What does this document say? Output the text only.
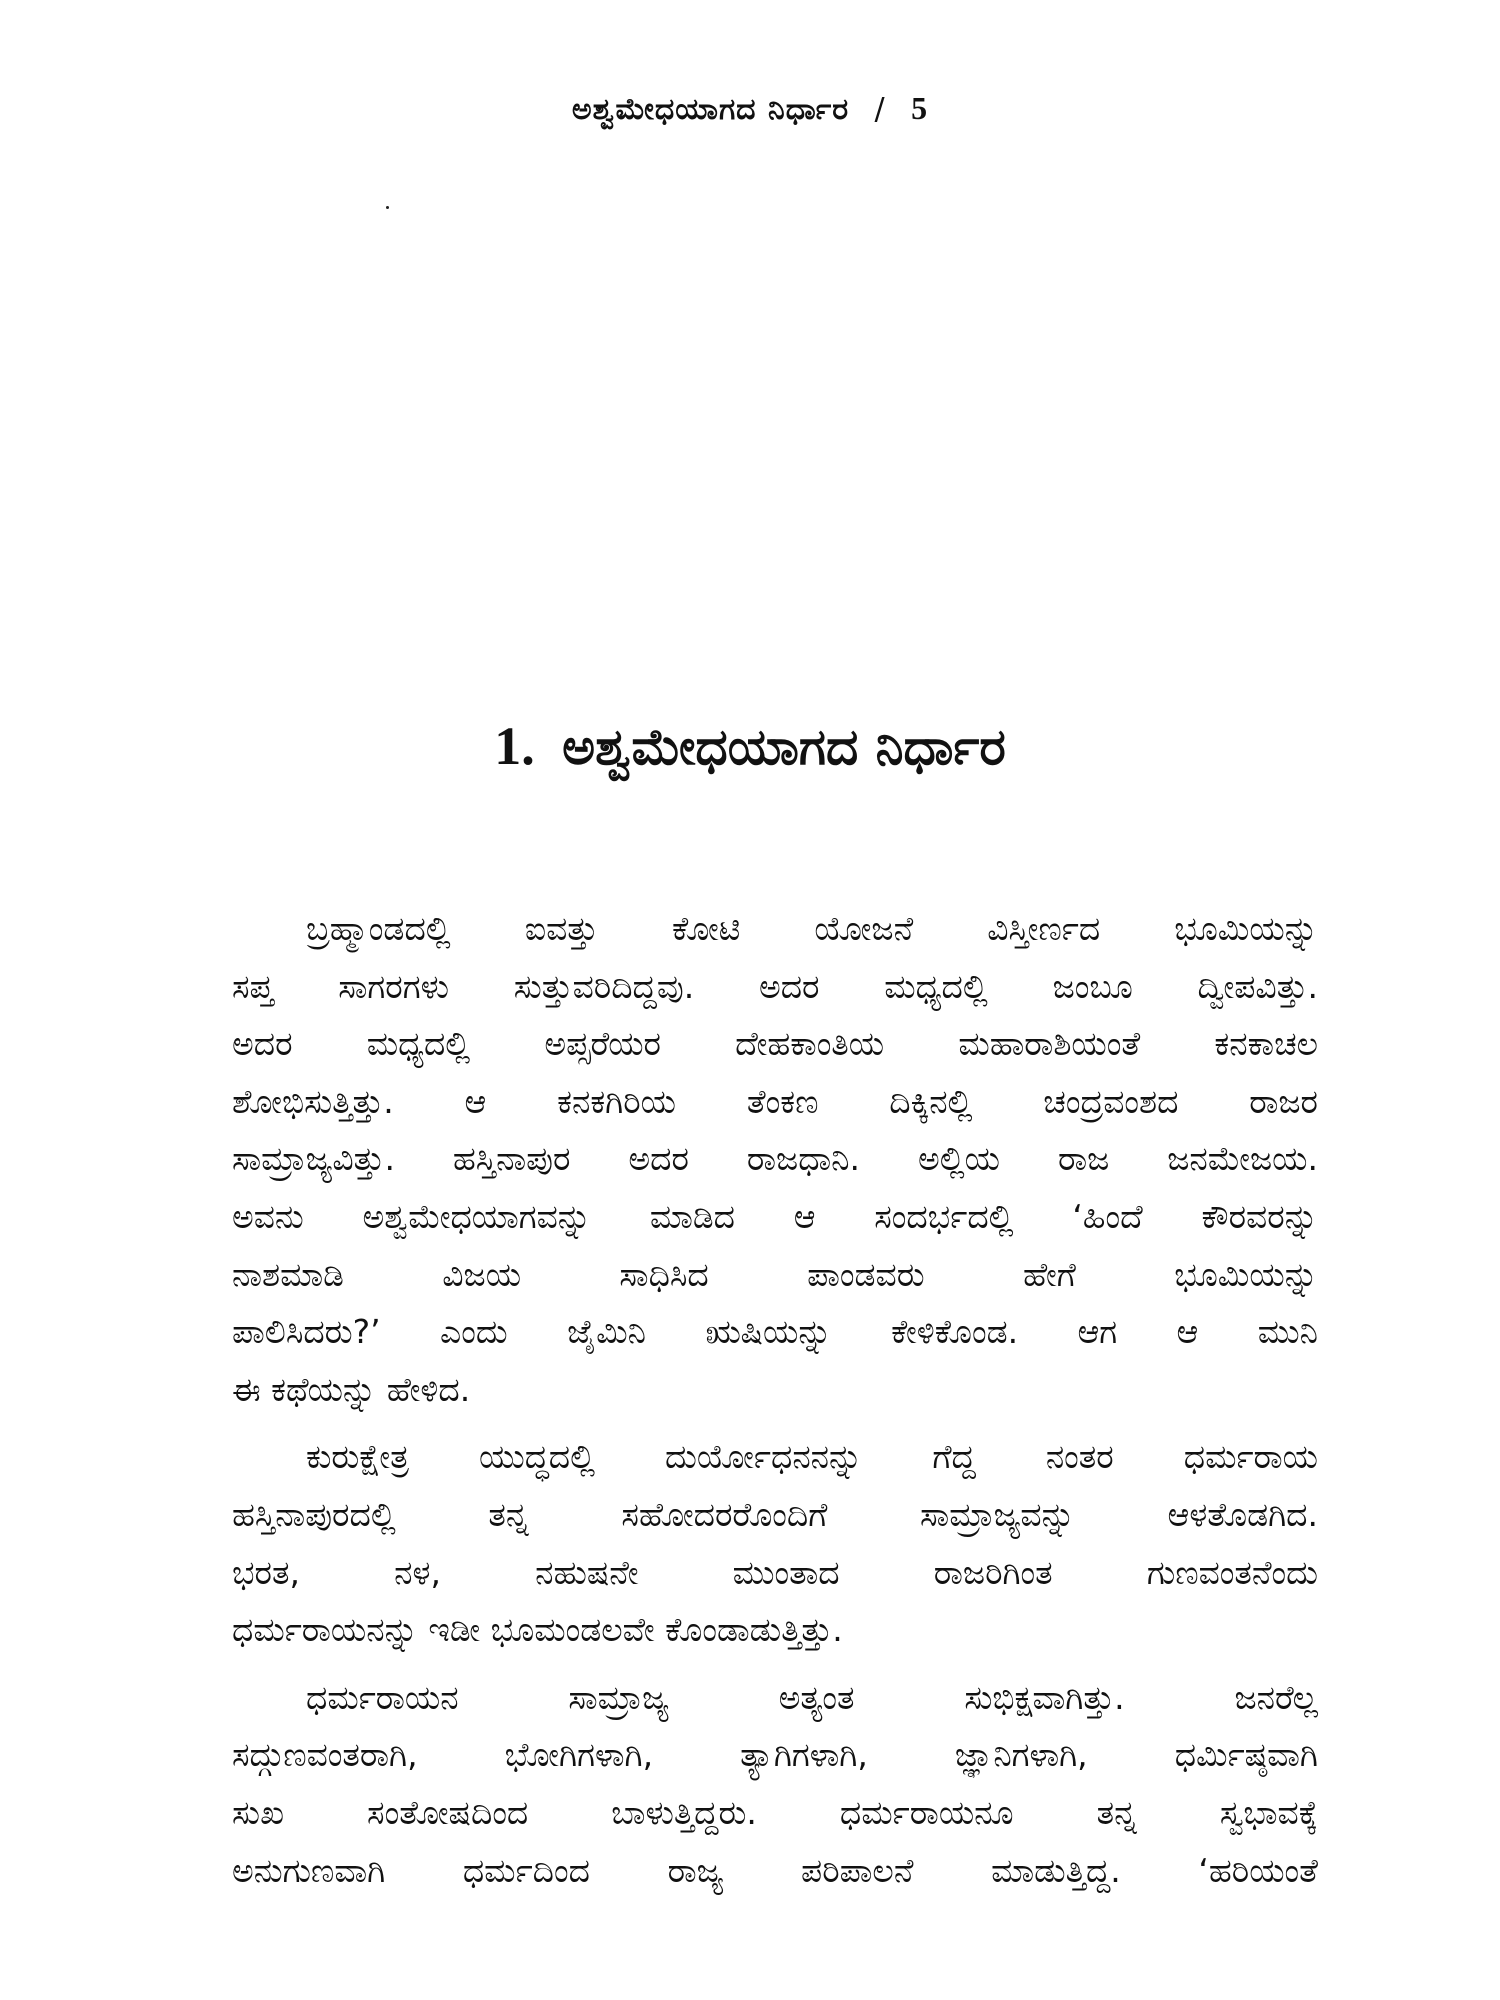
ಅಶ್ವಮೇಧಯಾಗದ ನಿರ್ಧಾರ / 5
1. ಅಶ್ವಮೇಧಯಾಗದ ನಿರ್ಧಾರ
ಬ್ರಹ್ಮಾಂಡದಲ್ಲಿ ಐವತ್ತು ಕೋಟಿ ಯೋಜನೆ ವಿಸ್ತೀರ್ಣದ ಭೂಮಿಯನ್ನು
ಸಪ್ತ ಸಾಗರಗಳು ಸುತ್ತುವರಿದಿದ್ದವು. ಅದರ ಮಧ್ಯದಲ್ಲಿ ಜಂಬೂ ದ್ವೀಪವಿತ್ತು.
ಅದರ ಮಧ್ಯದಲ್ಲಿ ಅಪ್ಸರೆಯರ ದೇಹಕಾಂತಿಯ ಮಹಾರಾಶಿಯಂತೆ ಕನಕಾಚಲ
ಶೋಭಿಸುತ್ತಿತ್ತು. ಆ ಕನಕಗಿರಿಯ ತೆಂಕಣ ದಿಕ್ಕಿನಲ್ಲಿ ಚಂದ್ರವಂಶದ ರಾಜರ
ಸಾಮ್ರಾಜ್ಯವಿತ್ತು. ಹಸ್ತಿನಾಪುರ ಅದರ ರಾಜಧಾನಿ. ಅಲ್ಲಿಯ ರಾಜ ಜನಮೇಜಯ.
ಅವನು ಅಶ್ವಮೇಧಯಾಗವನ್ನು ಮಾಡಿದ ಆ ಸಂದರ್ಭದಲ್ಲಿ ‘ಹಿಂದೆ ಕೌರವರನ್ನು
ನಾಶಮಾಡಿ ವಿಜಯ ಸಾಧಿಸಿದ ಪಾಂಡವರು ಹೇಗೆ ಭೂಮಿಯನ್ನು
ಪಾಲಿಸಿದರು?’ ಎಂದು ಜೈಮಿನಿ ಋಷಿಯನ್ನು ಕೇಳಿಕೊಂಡ. ಆಗ ಆ ಮುನಿ
ಈ ಕಥೆಯನ್ನು ಹೇಳಿದ.
ಕುರುಕ್ಷೇತ್ರ ಯುದ್ಧದಲ್ಲಿ ದುರ್ಯೋಧನನನ್ನು ಗೆದ್ದ ನಂತರ ಧರ್ಮರಾಯ
ಹಸ್ತಿನಾಪುರದಲ್ಲಿ ತನ್ನ ಸಹೋದರರೊಂದಿಗೆ ಸಾಮ್ರಾಜ್ಯವನ್ನು ಆಳತೊಡಗಿದ.
ಭರತ, ನಳ, ನಹುಷನೇ ಮುಂತಾದ ರಾಜರಿಗಿಂತ ಗುಣವಂತನೆಂದು
ಧರ್ಮರಾಯನನ್ನು ಇಡೀ ಭೂಮಂಡಲವೇ ಕೊಂಡಾಡುತ್ತಿತ್ತು.
ಧರ್ಮರಾಯನ ಸಾಮ್ರಾಜ್ಯ ಅತ್ಯಂತ ಸುಭಿಕ್ಷವಾಗಿತ್ತು. ಜನರೆಲ್ಲ
ಸದ್ಗುಣವಂತರಾಗಿ, ಭೋಗಿಗಳಾಗಿ, ತ್ಯಾಗಿಗಳಾಗಿ, ಜ್ಞಾನಿಗಳಾಗಿ, ಧರ್ಮಿಷ್ಠವಾಗಿ
ಸುಖ ಸಂತೋಷದಿಂದ ಬಾಳುತ್ತಿದ್ದರು. ಧರ್ಮರಾಯನೂ ತನ್ನ ಸ್ವಭಾವಕ್ಕೆ
ಅನುಗುಣವಾಗಿ ಧರ್ಮದಿಂದ ರಾಜ್ಯ ಪರಿಪಾಲನೆ ಮಾಡುತ್ತಿದ್ದ. ‘ಹರಿಯಂತೆ
